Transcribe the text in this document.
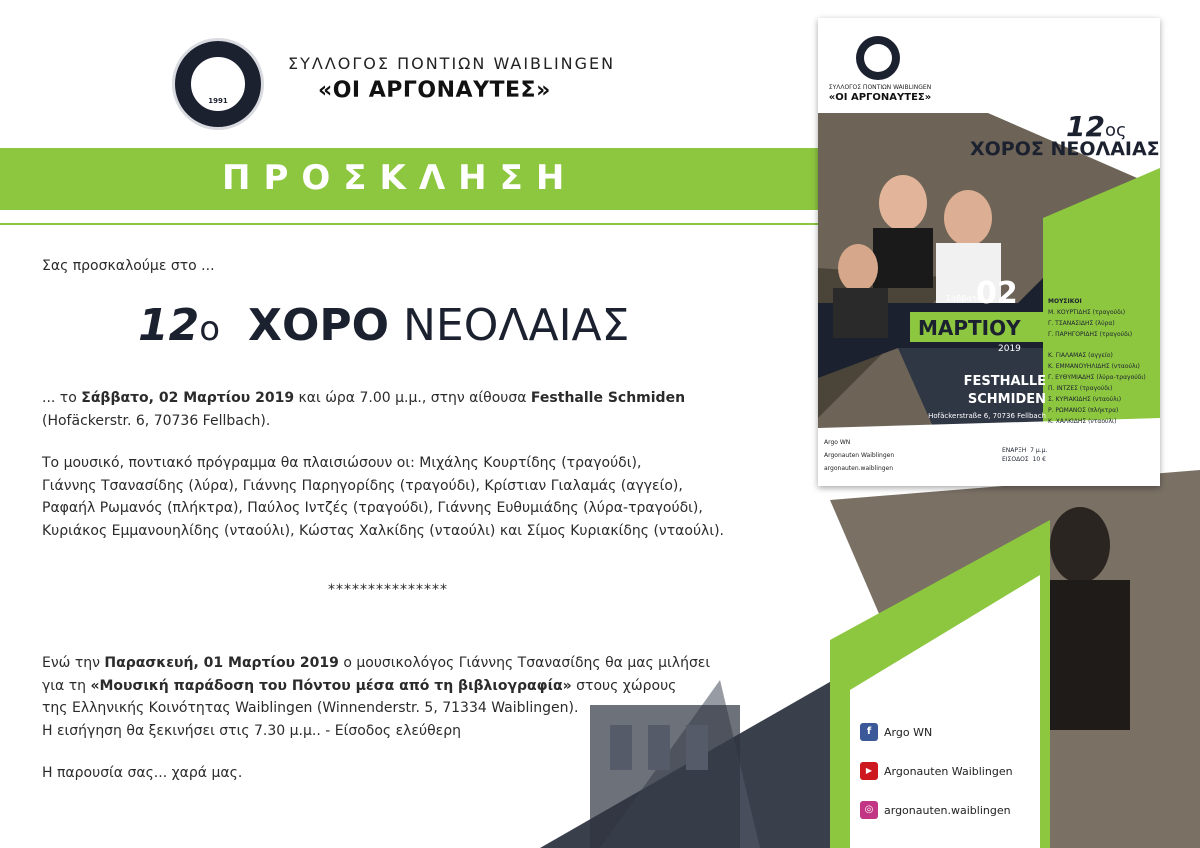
1991
ΣΥΛΛΟΓΟΣ ΠΟΝΤΙΩΝ WAIBLINGEN
«ΟΙ ΑΡΓΟΝΑΥΤΕΣ»
ΠΡΟΣΚΛΗΣΗ
Σας προσκαλούμε στο ...
12ο ΧΟΡΟ ΝΕΟΛΑΙΑΣ
... το Σάββατο, 02 Μαρτίου 2019 και ώρα 7.00 μ.μ., στην αίθουσα Festhalle Schmiden
(Hofäckerstr. 6, 70736 Fellbach).
Το μουσικό, ποντιακό πρόγραμμα θα πλαισιώσουν οι: Μιχάλης Κουρτίδης (τραγούδι),
Γιάννης Τσανασίδης (λύρα), Γιάννης Παρηγορίδης (τραγούδι), Κρίστιαν Γιαλαμάς (αγγείο),
Ραφαήλ Ρωμανός (πλήκτρα), Παύλος Ιντζές (τραγούδι), Γιάννης Ευθυμιάδης (λύρα-τραγούδι),
Κυριάκος Εμμανουηλίδης (νταούλι), Κώστας Χαλκίδης (νταούλι) και Σίμος Κυριακίδης (νταούλι).
***************
Ενώ την Παρασκευή, 01 Μαρτίου 2019 ο μουσικολόγος Γιάννης Τσανασίδης θα μας μιλήσει
για τη «Μουσική παράδοση του Πόντου μέσα από τη βιβλιογραφία» στους χώρους
της Ελληνικής Κοινότητας Waiblingen (Winnenderstr. 5, 71334 Waiblingen).
Η εισήγηση θα ξεκινήσει στις 7.30 μ.μ.. - Είσοδος ελεύθερη
Η παρουσία σας... χαρά μας.
f	Argo WN
▶	Argonauten Waiblingen
◎ argonauten.waiblingen
ΣΥΛΛΟΓΟΣ ΠΟΝΤΙΩΝ WAIBLINGEN
«ΟΙ ΑΡΓΟΝΑΥΤΕΣ»
12ος
ΧΟΡΟΣ ΝΕΟΛΑΙΑΣ
Σάββατο
02
ΜΑΡΤΙΟΥ
2019
FESTHALLE
SCHMIDEN
Hofäckerstraße 6, 70736 Fellbach
ΜΟΥΣΙΚΟΙ
Μ. ΚΟΥΡΤΙΔΗΣ (τραγούδι)
Γ. ΤΣΑΝΑΣΙΔΗΣ (λύρα)
Γ. ΠΑΡΗΓΟΡΙΔΗΣ (τραγούδι)
Κ. ΓΙΑΛΑΜΑΣ (αγγείο)
Κ. ΕΜΜΑΝΟΥΗΛΙΔΗΣ (νταούλι)
Γ. ΕΥΘΥΜΙΑΔΗΣ (λύρα-τραγούδι)
Π. ΙΝΤΖΕΣ (τραγούδι)
Σ. ΚΥΡΙΑΚΙΔΗΣ (νταούλι)
Ρ. ΡΩΜΑΝΟΣ (πλήκτρα)
Κ. ΧΑΛΚΙΔΗΣ (νταούλι)
ΕΝΑΡΞΗ 7 μ.μ.
ΕΙΣΟΔΟΣ 10 €
Argo WN
Argonauten Waiblingen
argonauten.waiblingen
